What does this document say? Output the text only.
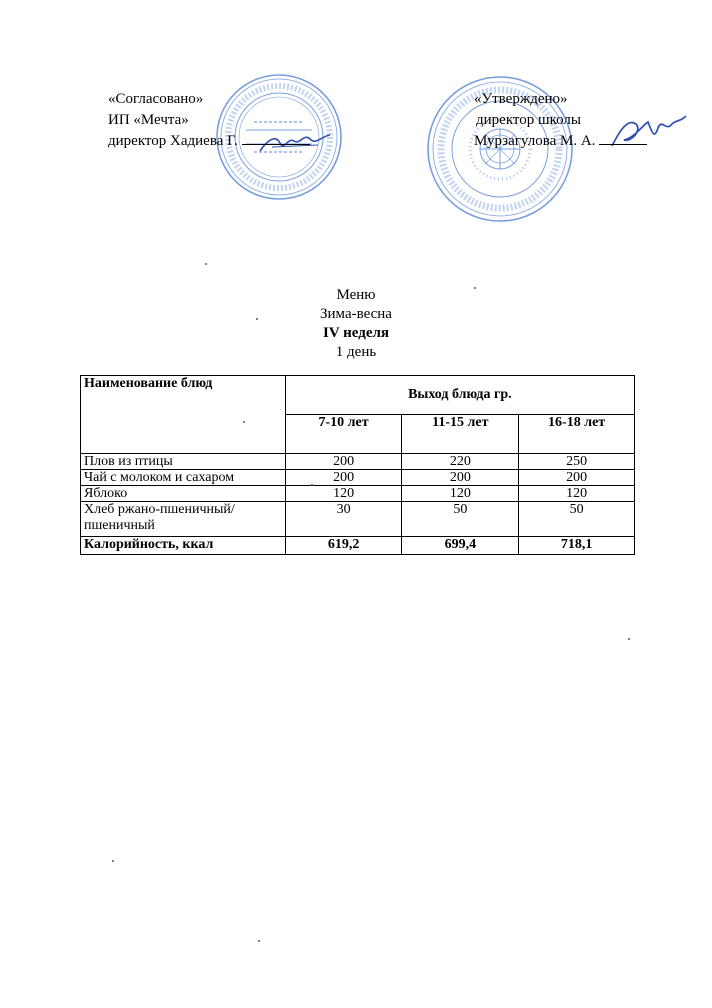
«Согласовано»
ИП «Мечта»
директор Хадиева Г.
«Утверждено»
директор школы
Мурзагулова М. А.
Меню
Зима-весна
IV неделя
1 день
Наименование блюд	Выход блюда гр.		
	7-10 лет	11-15 лет	16-18 лет
Плов из птицы	200	220	250
Чай с молоком и сахаром	200	200	200
Яблоко	120	120	120
Хлеб ржано-пшеничный/пшеничный	30	50	50
Калорийность, ккал	619,2	699,4	718,1
